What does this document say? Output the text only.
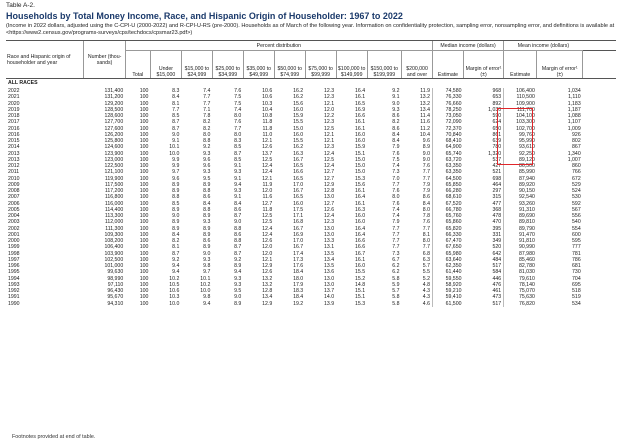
Table A-2.
Households by Total Money Income, Race, and Hispanic Origin of Householder: 1967 to 2022
(Income in 2022 dollars, adjusted using the C-CPI-U (2000-2022) and R-CPI-U-RS (pre-2000). Households as of March of the following year. Information on confidentiality protection, sampling error, nonsampling error, and definitions is available at <https://www2.census.gov/programs-surveys/cps/techdocs/cpsmar23.pdf>)
Race and Hispanic origin of householder and year	Number (thou- sands)	Percent distribution										Median income (dollars)		Mean income (dollars)		
		Total	Under $15,000	$15,000 to $24,999	$25,000 to $34,999	$35,000 to $49,999	$50,000 to $74,999	$75,000 to $99,999	$100,000 to $149,999	$150,000 to $199,999	$200,000 and over	Estimate	Margin of error¹ (±)	Estimate	Margin of error¹ (±)	
ALL RACES																
2022	131,400	100	8.3	7.4	7.6	10.6	16.2	12.3	16.4	9.2	11.9	74,580	968	106,400	1,034	
2021	131,200	100	8.4	7.7	7.5	10.6	16.2	12.3	16.1	9.1	13.2	76,330	653	110,500	1,110	
2020	129,200	100	8.1	7.7	7.5	10.3	15.6	12.1	16.5	9.0	13.2	76,660	892	109,900	1,183	
2019	128,500	100	7.7	7.1	7.4	10.4	16.0	12.0	16.9	9.3	13.4	78,250	1,030	111,700	1,187	
2018	128,600	100	8.5	7.8	8.0	10.8	15.9	12.2	16.6	8.6	11.4	73,050	590	104,100	1,088	
2017	127,700	100	8.7	8.2	7.6	11.8	15.5	12.3	16.1	8.2	11.6	72,090	624	103,300	1,107	
2016	127,600	100	8.7	8.2	7.7	11.8	15.0	12.5	16.1	8.6	11.2	72,370	650	102,700	1,009	
2016	126,200	100	9.0	8.0	8.0	11.0	16.0	12.1	16.0	8.4	10.4	70,840	861	99,760	926	
2015	125,800	100	9.1	8.8	8.3	12.1	15.5	12.1	16.0	8.4	9.6	68,410	639	95,990	802	
2014	124,600	100	10.1	9.2	8.5	12.6	16.2	12.3	15.9	7.9	8.9	64,900	780	93,610	867	
2013	123,900	100	10.0	9.3	8.7	13.7	16.3	12.4	15.1	7.6	9.0	65,740	1,320	92,250	1,340	
2013	123,000	100	9.9	9.6	8.5	12.5	16.7	12.5	15.0	7.5	9.0	63,720	537	89,120	1,007	
2012	122,500	100	9.9	9.6	9.1	12.4	16.5	12.4	15.0	7.4	7.6	63,350	427	86,500	860	
2011	121,100	100	9.7	9.3	9.3	12.4	16.6	12.7	15.0	7.3	7.7	63,350	521	85,990	766	
2010	119,900	100	9.6	9.5	9.1	12.1	16.5	12.7	15.3	7.0	7.7	64,500	698	87,940	672	
2009	117,500	100	8.9	8.9	9.4	11.9	17.0	12.9	15.6	7.7	7.9	65,850	464	89,920	529	
2008	117,200	100	8.9	8.8	9.3	12.0	16.7	12.8	16.1	7.6	7.9	66,280	297	90,150	524	
2007	116,800	100	8.8	8.6	9.1	11.6	16.5	13.0	16.4	8.0	8.6	68,610	315	92,540	530	
2006	116,000	100	8.5	8.4	8.4	12.7	16.0	12.7	16.1	7.6	8.4	67,520	477	93,260	592	
2005	114,400	100	8.9	8.8	8.6	11.8	17.5	12.6	16.3	7.4	8.0	66,780	368	91,310	567	
2004	113,300	100	9.0	8.9	8.7	12.5	17.1	12.4	16.0	7.4	7.8	65,760	478	89,690	556	
2003	112,000	100	8.9	9.3	9.0	12.5	16.8	12.3	16.0	7.9	7.6	65,860	470	89,810	540	
2002	111,300	100	8.9	8.9	8.8	12.4	16.7	13.0	16.4	7.7	7.7	65,820	395	89,790	554	
2001	109,300	100	8.4	8.9	8.6	12.4	16.9	13.0	16.4	7.7	8.1	66,330	331	91,470	600	
2000	108,200	100	8.2	8.6	8.8	12.6	17.0	13.3	16.6	7.7	8.0	67,470	349	91,810	595	
1999	106,400	100	8.1	8.9	8.7	12.0	16.7	13.1	16.6	7.7	7.7	67,650	520	90,990	777	
1998	103,900	100	8.7	9.0	8.7	12.0	17.4	13.5	16.7	7.3	6.8	65,980	642	87,980	781	
1997	102,500	100	9.2	9.3	9.2	12.1	17.3	13.4	16.1	6.7	6.3	63,640	484	85,460	786	
1996	101,000	100	9.4	9.8	8.9	12.9	17.6	13.5	16.0	6.2	5.7	62,350	517	82,780	681	
1995	99,630	100	9.4	9.7	9.4	12.6	18.4	13.6	15.5	6.2	5.5	61,440	584	81,030	730	
1994	98,990	100	10.2	10.1	9.3	13.2	18.0	13.0	15.2	5.8	5.2	59,550	446	79,610	704	
1993	97,110	100	10.5	10.2	9.3	13.2	17.9	13.0	14.8	5.9	4.8	58,920	476	78,140	695	
1992	96,430	100	10.6	10.0	9.5	12.8	18.3	13.7	15.1	5.7	4.3	59,210	461	75,070	518	
1991	95,670	100	10.3	9.8	9.0	13.4	18.4	14.0	15.1	5.8	4.3	59,410	473	75,630	519	
1990	94,310	100	10.0	9.4	8.9	12.9	19.2	13.9	15.3	5.8	4.6	61,500	517	76,820	534	
Footnotes provided at end of table.
